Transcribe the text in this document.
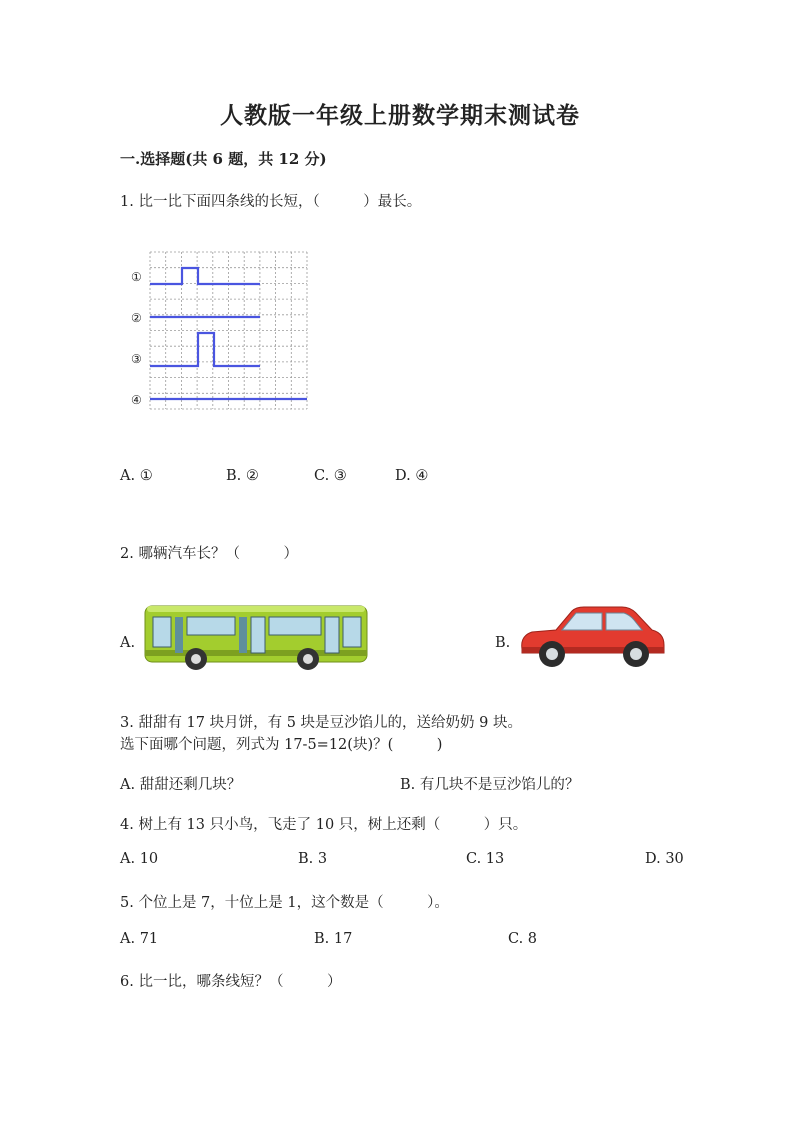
人教版一年级上册数学期末测试卷
一.选择题(共 6 题，共 12 分)
1. 比一比下面四条线的长短，（　　　）最长。
①
②
③
④
A. ①	B. ②	C. ③	D. ④
2. 哪辆汽车长？（　　　）
A.	B.
3. 甜甜有 17 块月饼，有 5 块是豆沙馅儿的，送给奶奶 9 块。
选下面哪个问题，列式为 17-5=12(块)？(　　　)
A. 甜甜还剩几块？	B. 有几块不是豆沙馅儿的？
4. 树上有 13 只小鸟，飞走了 10 只，树上还剩（　　　）只。
A. 10	B. 3	C. 13	D. 30
5. 个位上是 7，十位上是 1，这个数是（　　　）。
A. 71	B. 17	C. 8
6. 比一比，哪条线短？（　　　）
